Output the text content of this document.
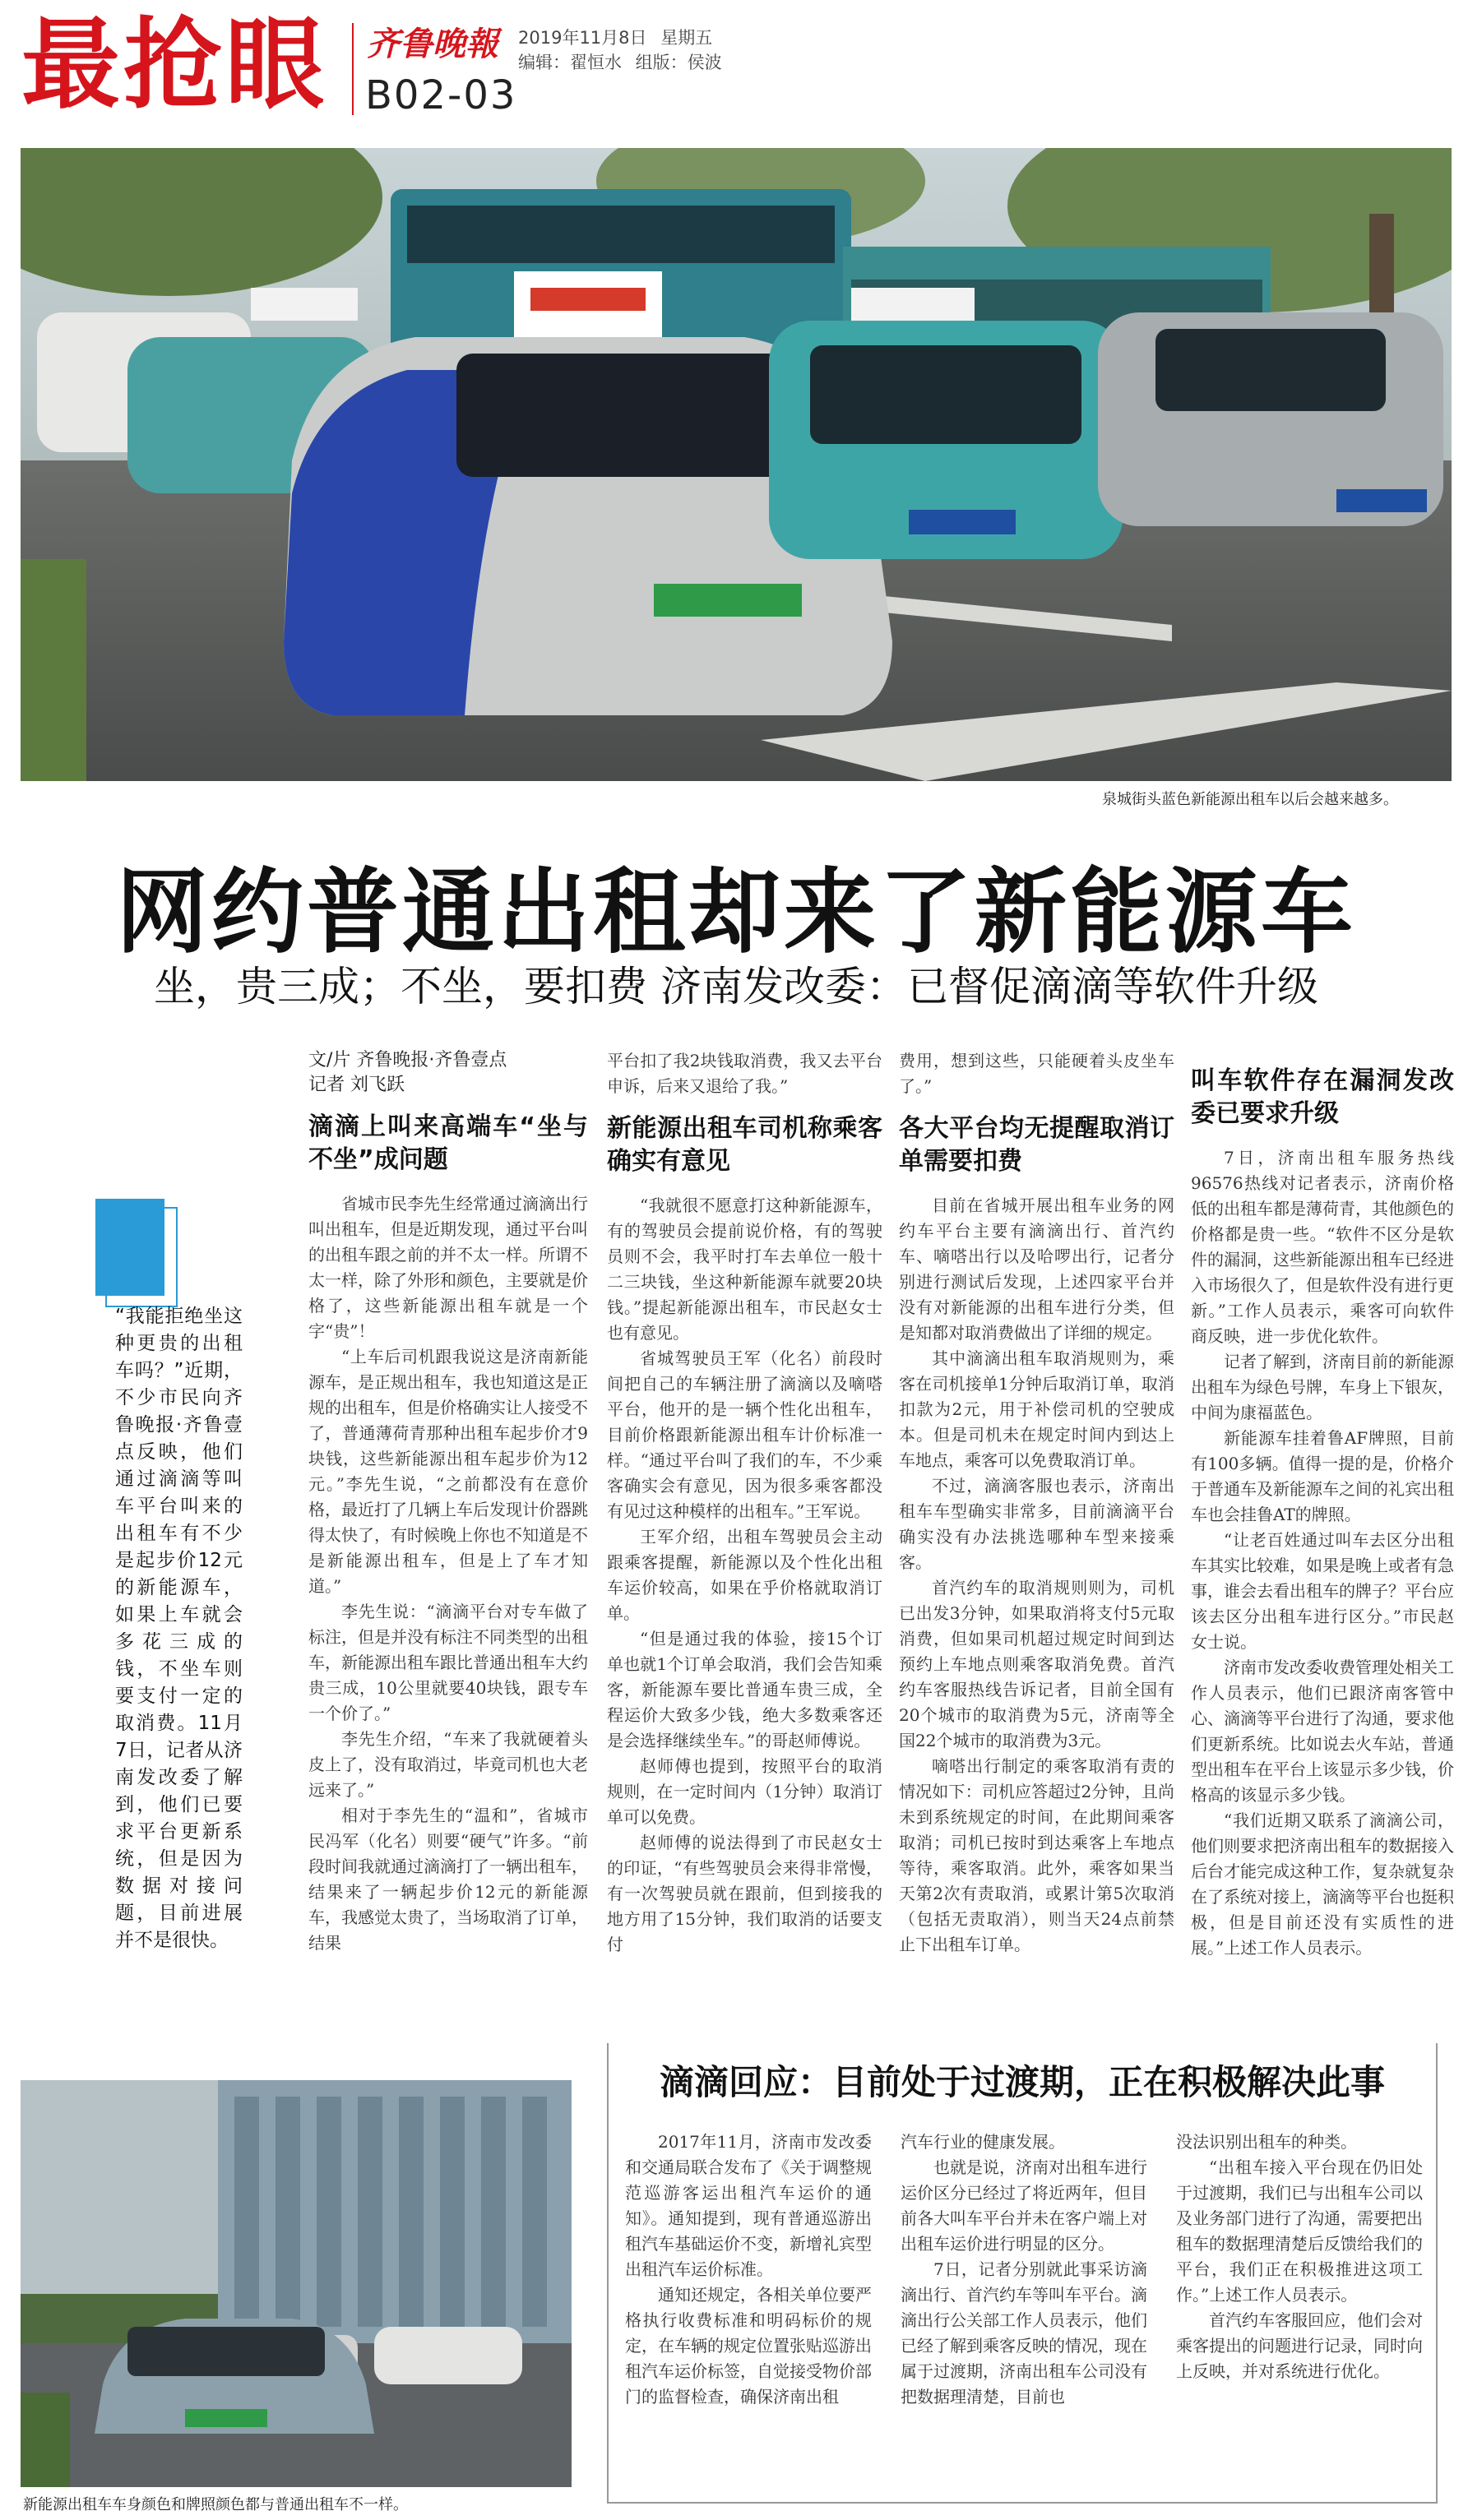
最抢眼 齐鲁晚報
B02-03
2019年11月8日 星期五
编辑：翟恒水 组版：侯波
泉城街头蓝色新能源出租车以后会越来越多。
网约普通出租却来了新能源车
坐，贵三成；不坐，要扣费 济南发改委：已督促滴滴等软件升级
“我能拒绝坐这种更贵的出租车吗？”近期，不少市民向齐鲁晚报·齐鲁壹点反映，他们通过滴滴等叫车平台叫来的出租车有不少是起步价12元的新能源车，如果上车就会多花三成的钱，不坐车则要支付一定的取消费。11月7日，记者从济南发改委了解到，他们已要求平台更新系统，但是因为数据对接问题，目前进展并不是很快。

文/片 齐鲁晚报·齐鲁壹点

记者 刘飞跃

滴滴上叫来高端车“坐与不坐”成问题

省城市民李先生经常通过滴滴出行叫出租车，但是近期发现，通过平台叫的出租车跟之前的并不太一样。所谓不太一样，除了外形和颜色，主要就是价格了，这些新能源出租车就是一个字“贵”！

“上车后司机跟我说这是济南新能源车，是正规出租车，我也知道这是正规的出租车，但是价格确实让人接受不了，普通薄荷青那种出租车起步价才9块钱，这些新能源出租车起步价为12元。”李先生说，“之前都没有在意价格，最近打了几辆上车后发现计价器跳得太快了，有时候晚上你也不知道是不是新能源出租车，但是上了车才知道。”

李先生说：“滴滴平台对专车做了标注，但是并没有标注不同类型的出租车，新能源出租车跟比普通出租车大约贵三成，10公里就要40块钱，跟专车一个价了。”

李先生介绍，“车来了我就硬着头皮上了，没有取消过，毕竟司机也大老远来了。”

相对于李先生的“温和”，省城市民冯军（化名）则要“硬气”许多。“前段时间我就通过滴滴打了一辆出租车，结果来了一辆起步价12元的新能源车，我感觉太贵了，当场取消了订单，结果

平台扣了我2块钱取消费，我又去平台申诉，后来又退给了我。”

新能源出租车司机称乘客确实有意见

“我就很不愿意打这种新能源车，有的驾驶员会提前说价格，有的驾驶员则不会，我平时打车去单位一般十二三块钱，坐这种新能源车就要20块钱。”提起新能源出租车，市民赵女士也有意见。

省城驾驶员王军（化名）前段时间把自己的车辆注册了滴滴以及嘀嗒平台，他开的是一辆个性化出租车，目前价格跟新能源出租车计价标准一样。“通过平台叫了我们的车，不少乘客确实会有意见，因为很多乘客都没有见过这种模样的出租车。”王军说。

王军介绍，出租车驾驶员会主动跟乘客提醒，新能源以及个性化出租车运价较高，如果在乎价格就取消订单。

“但是通过我的体验，接15个订单也就1个订单会取消，我们会告知乘客，新能源车要比普通车贵三成，全程运价大致多少钱，绝大多数乘客还是会选择继续坐车。”的哥赵师傅说。

赵师傅也提到，按照平台的取消规则，在一定时间内（1分钟）取消订单可以免费。

赵师傅的说法得到了市民赵女士的印证，“有些驾驶员会来得非常慢，有一次驾驶员就在跟前，但到接我的地方用了15分钟，我们取消的话要支付

费用，想到这些，只能硬着头皮坐车了。”

各大平台均无提醒取消订单需要扣费

目前在省城开展出租车业务的网约车平台主要有滴滴出行、首汽约车、嘀嗒出行以及哈啰出行，记者分别进行测试后发现，上述四家平台并没有对新能源的出租车进行分类，但是知都对取消费做出了详细的规定。

其中滴滴出租车取消规则为，乘客在司机接单1分钟后取消订单，取消扣款为2元，用于补偿司机的空驶成本。但是司机未在规定时间内到达上车地点，乘客可以免费取消订单。

不过，滴滴客服也表示，济南出租车车型确实非常多，目前滴滴平台确实没有办法挑选哪种车型来接乘客。

首汽约车的取消规则则为，司机已出发3分钟，如果取消将支付5元取消费，但如果司机超过规定时间到达预约上车地点则乘客取消免费。首汽约车客服热线告诉记者，目前全国有20个城市的取消费为5元，济南等全国22个城市的取消费为3元。

嘀嗒出行制定的乘客取消有责的情况如下：司机应答超过2分钟，且尚未到系统规定的时间，在此期间乘客取消；司机已按时到达乘客上车地点等待，乘客取消。此外，乘客如果当天第2次有责取消，或累计第5次取消（包括无责取消），则当天24点前禁止下出租车订单。

叫车软件存在漏洞发改委已要求升级

7日，济南出租车服务热线96576热线对记者表示，济南价格低的出租车都是薄荷青，其他颜色的价格都是贵一些。“软件不区分是软件的漏洞，这些新能源出租车已经进入市场很久了，但是软件没有进行更新。”工作人员表示，乘客可向软件商反映，进一步优化软件。

记者了解到，济南目前的新能源出租车为绿色号牌，车身上下银灰，中间为康福蓝色。

新能源车挂着鲁AF牌照，目前有100多辆。值得一提的是，价格介于普通车及新能源车之间的礼宾出租车也会挂鲁AT的牌照。

“让老百姓通过叫车去区分出租车其实比较难，如果是晚上或者有急事，谁会去看出租车的牌子？平台应该去区分出租车进行区分。”市民赵女士说。

济南市发改委收费管理处相关工作人员表示，他们已跟济南客管中心、滴滴等平台进行了沟通，要求他们更新系统。比如说去火车站，普通型出租车在平台上该显示多少钱，价格高的该显示多少钱。

“我们近期又联系了滴滴公司，他们则要求把济南出租车的数据接入后台才能完成这种工作，复杂就复杂在了系统对接上，滴滴等平台也挺积极，但是目前还没有实质性的进展。”上述工作人员表示。

新能源出租车车身颜色和牌照颜色都与普通出租车不一样。
滴滴回应：目前处于过渡期，正在积极解决此事

2017年11月，济南市发改委和交通局联合发布了《关于调整规范巡游客运出租汽车运价的通知》。通知提到，现有普通巡游出租汽车基础运价不变，新增礼宾型出租汽车运价标准。

通知还规定，各相关单位要严格执行收费标准和明码标价的规定，在车辆的规定位置张贴巡游出租汽车运价标签，自觉接受物价部门的监督检查，确保济南出租

汽车行业的健康发展。

也就是说，济南对出租车进行运价区分已经过了将近两年，但目前各大叫车平台并未在客户端上对出租车运价进行明显的区分。

7日，记者分别就此事采访滴滴出行、首汽约车等叫车平台。滴滴出行公关部工作人员表示，他们已经了解到乘客反映的情况，现在属于过渡期，济南出租车公司没有把数据理清楚，目前也

没法识别出租车的种类。

“出租车接入平台现在仍旧处于过渡期，我们已与出租车公司以及业务部门进行了沟通，需要把出租车的数据理清楚后反馈给我们的平台，我们正在积极推进这项工作。”上述工作人员表示。

首汽约车客服回应，他们会对乘客提出的问题进行记录，同时向上反映，并对系统进行优化。
